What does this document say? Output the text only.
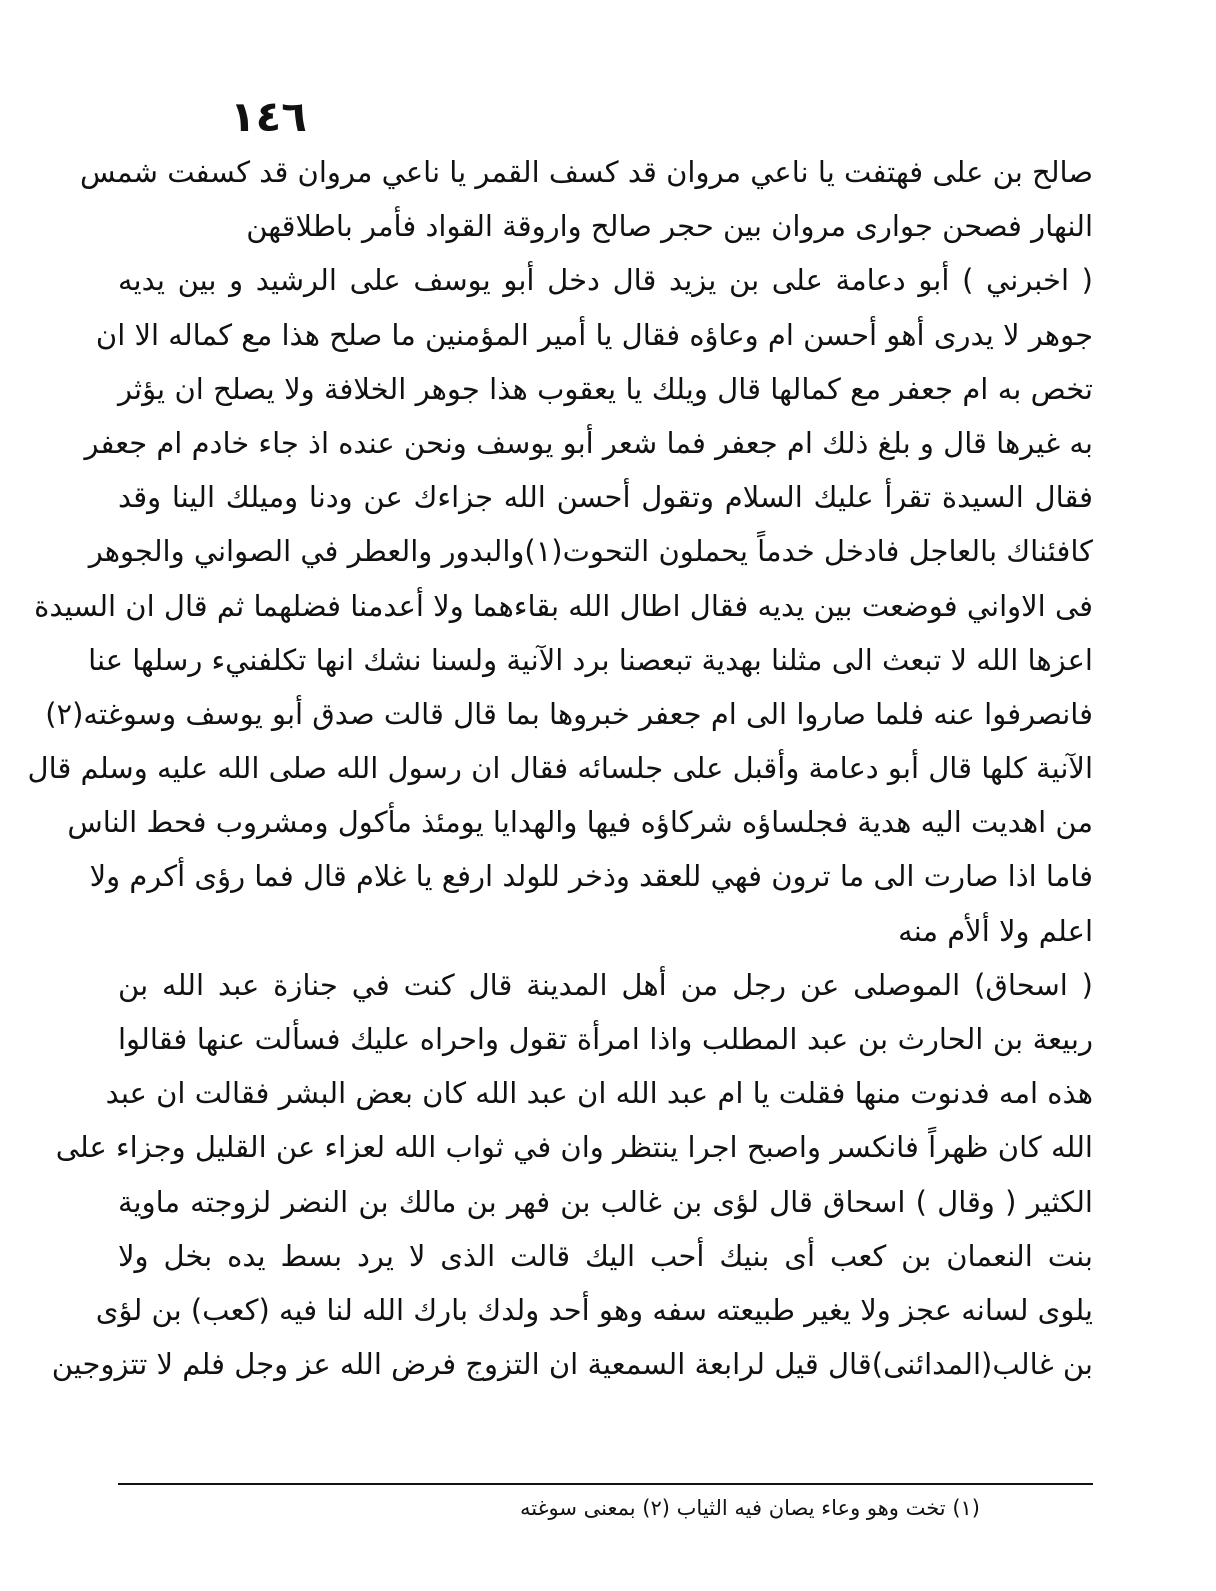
١٤٦
صالح بن على فهتفت يا ناعي مروان قد كسف القمر يا ناعي مروان قد كسفت شمس
النهار فصحن جوارى مروان بين حجر صالح واروقة القواد فأمر باطلاقهن
( اخبرني ) أبو دعامة على بن يزيد قال دخل أبو يوسف على الرشيد و بين يديه
جوهر لا يدرى أهو أحسن ام وعاؤه فقال يا أمير المؤمنين ما صلح هذا مع كماله الا ان
تخص به ام جعفر مع كمالها قال ويلك يا يعقوب هذا جوهر الخلافة ولا يصلح ان يؤثر
به غيرها قال و بلغ ذلك ام جعفر فما شعر أبو يوسف ونحن عنده اذ جاء خادم ام جعفر
فقال السيدة تقرأ عليك السلام وتقول أحسن الله جزاءك عن ودنا وميلك الينا وقد
كافئناك بالعاجل فادخل خدماً يحملون التحوت(١)والبدور والعطر في الصواني والجوهر
فى الاواني فوضعت بين يديه فقال اطال الله بقاءهما ولا أعدمنا فضلهما ثم قال ان السيدة
اعزها الله لا تبعث الى مثلنا بهدية تبعصنا برد الآنية ولسنا نشك انها تكلفنيء رسلها عنا
فانصرفوا عنه فلما صاروا الى ام جعفر خبروها بما قال قالت صدق أبو يوسف وسوغته(٢)
الآنية كلها قال أبو دعامة وأقبل على جلسائه فقال ان رسول الله صلى الله عليه وسلم قال
من اهديت اليه هدية فجلساؤه شركاؤه فيها والهدايا يومئذ مأكول ومشروب فحط الناس
فاما اذا صارت الى ما ترون فهي للعقد وذخر للولد ارفع يا غلام قال فما رؤى أكرم ولا
اعلم ولا ألأم منه
( اسحاق) الموصلى عن رجل من أهل المدينة قال كنت في جنازة عبد الله بن
ربيعة بن الحارث بن عبد المطلب واذا امرأة تقول واحراه عليك فسألت عنها فقالوا
هذه امه فدنوت منها فقلت يا ام عبد الله ان عبد الله كان بعض البشر فقالت ان عبد
الله كان ظهراً فانكسر واصبح اجرا ينتظر وان في ثواب الله لعزاء عن القليل وجزاء على
الكثير ( وقال ) اسحاق قال لؤى بن غالب بن فهر بن مالك بن النضر لزوجته ماوية
بنت النعمان بن كعب أى بنيك أحب اليك قالت الذى لا يرد بسط يده بخل ولا
يلوى لسانه عجز ولا يغير طبيعته سفه وهو أحد ولدك بارك الله لنا فيه (كعب) بن لؤى
بن غالب(المدائنى)قال قيل لرابعة السمعية ان التزوج فرض الله عز وجل فلم لا تتزوجين
(١) تخت وهو وعاء يصان فيه الثياب (٢) بمعنى سوغته
